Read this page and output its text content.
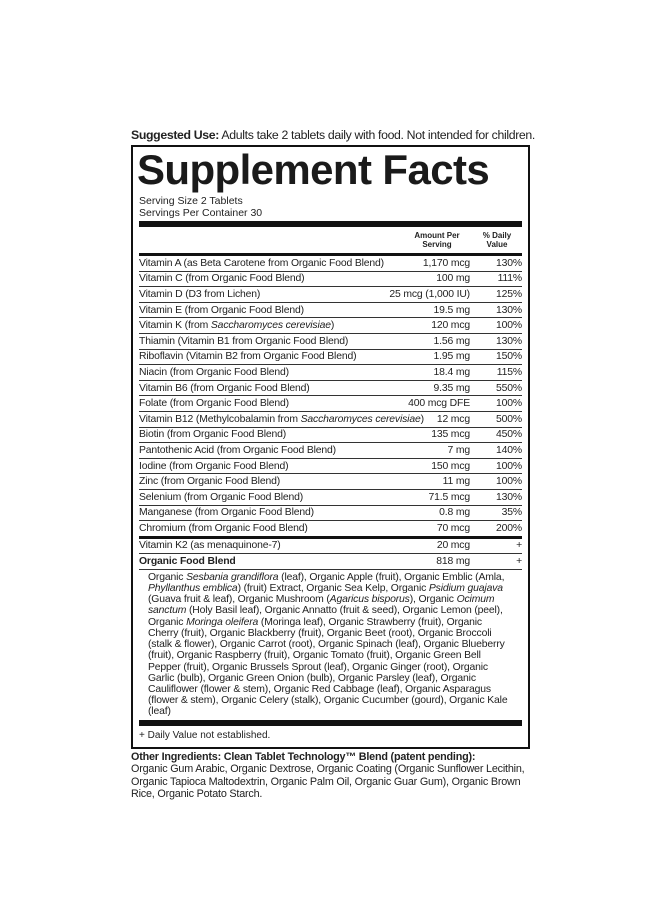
Suggested Use: Adults take 2 tablets daily with food. Not intended for children.
Supplement Facts
Serving Size 2 Tablets
Servings Per Container 30
Amount Per
Serving
% Daily
Value
Vitamin A (as Beta Carotene from Organic Food Blend)	1,170 mcg	130%
Vitamin C (from Organic Food Blend)	100 mg	111%
Vitamin D (D3 from Lichen)	25 mcg (1,000 IU)	125%
Vitamin E (from Organic Food Blend)	19.5 mg	130%
Vitamin K (from Saccharomyces cerevisiae)	120 mcg	100%
Thiamin (Vitamin B1 from Organic Food Blend)	1.56 mg	130%
Riboflavin (Vitamin B2 from Organic Food Blend)	1.95 mg	150%
Niacin (from Organic Food Blend)	18.4 mg	115%
Vitamin B6 (from Organic Food Blend)	9.35 mg	550%
Folate (from Organic Food Blend)	400 mcg DFE	100%
Vitamin B12 (Methylcobalamin from Saccharomyces cerevisiae)	12 mcg	500%
Biotin (from Organic Food Blend)	135 mcg	450%
Pantothenic Acid (from Organic Food Blend)	7 mg	140%
Iodine (from Organic Food Blend)	150 mcg	100%
Zinc (from Organic Food Blend)	11 mg	100%
Selenium (from Organic Food Blend)	71.5 mcg	130%
Manganese (from Organic Food Blend)	0.8 mg	35%
Chromium (from Organic Food Blend)	70 mcg	200%
Vitamin K2 (as menaquinone-7)	20 mcg	+
Organic Food Blend	818 mg	+
Organic Sesbania grandiflora (leaf), Organic Apple (fruit), Organic Emblic (Amla, Phyllanthus emblica) (fruit) Extract, Organic Sea Kelp, Organic Psidium guajava (Guava fruit & leaf), Organic Mushroom (Agaricus bisporus), Organic Ocimum sanctum (Holy Basil leaf), Organic Annatto (fruit & seed), Organic Lemon (peel), Organic Moringa oleifera (Moringa leaf), Organic Strawberry (fruit), Organic Cherry (fruit), Organic Blackberry (fruit), Organic Beet (root), Organic Broccoli (stalk & flower), Organic Carrot (root), Organic Spinach (leaf), Organic Blueberry (fruit), Organic Raspberry (fruit), Organic Tomato (fruit), Organic Green Bell Pepper (fruit), Organic Brussels Sprout (leaf), Organic Ginger (root), Organic Garlic (bulb), Organic Green Onion (bulb), Organic Parsley (leaf), Organic Cauliflower (flower & stem), Organic Red Cabbage (leaf), Organic Asparagus (flower & stem), Organic Celery (stalk), Organic Cucumber (gourd), Organic Kale (leaf)
+ Daily Value not established.
Other Ingredients: Clean Tablet Technology™ Blend (patent pending):
Organic Gum Arabic, Organic Dextrose, Organic Coating (Organic Sunflower Lecithin, Organic Tapioca Maltodextrin, Organic Palm Oil, Organic Guar Gum), Organic Brown Rice, Organic Potato Starch.
